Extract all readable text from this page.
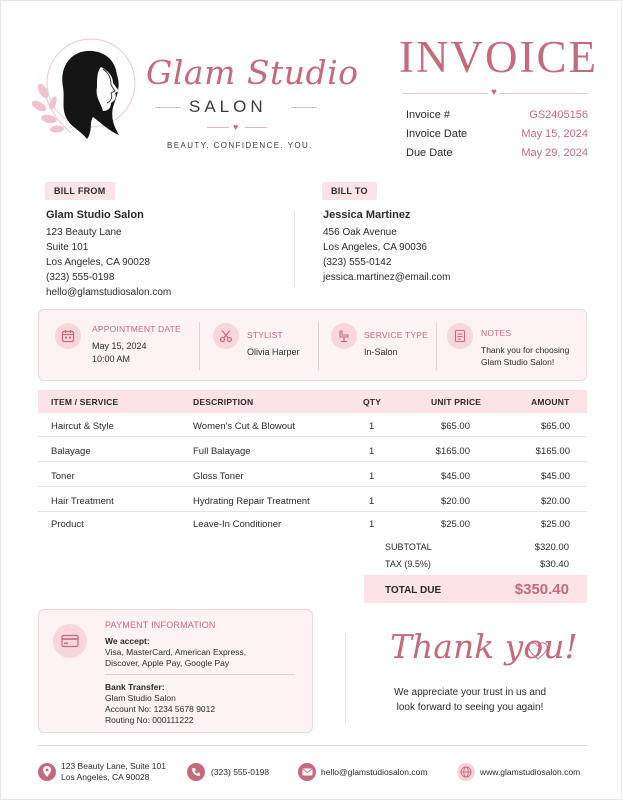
Glam Studio
SALON
♥
BEAUTY. CONFIDENCE. YOU.
INVOICE
♥
Invoice #	GS2405156
Invoice Date	May 15, 2024
Due Date	May 29, 2024
BILL FROM
Glam Studio Salon
123 Beauty Lane
Suite 101
Los Angeles, CA 90028
(323) 555-0198
hello@glamstudiosalon.com
BILL TO
Jessica Martinez
456 Oak Avenue
Los Angeles, CA 90036
(323) 555-0142
jessica.martinez@email.com
APPOINTMENT DATE
May 15, 2024
10:00 AM
STYLIST
Olivia Harper
SERVICE TYPE
In-Salon
NOTES
Thank you for choosing
Glam Studio Salon!
ITEM / SERVICE	DESCRIPTION	QTY	UNIT PRICE	AMOUNT
Haircut & Style	Women's Cut & Blowout	1	$65.00	$65.00
Balayage	Full Balayage	1	$165.00	$165.00
Toner	Gloss Toner	1	$45.00	$45.00
Hair Treatment	Hydrating Repair Treatment	1	$20.00	$20.00
Product	Leave-In Conditioner	1	$25.00	$25.00
SUBTOTAL	$320.00
TAX (9.5%)	$30.40
TOTAL DUE	$350.40
PAYMENT INFORMATION
We accept:
Visa, MasterCard, American Express,
Discover, Apple Pay, Google Pay
Bank Transfer:
Glam Studio Salon
Account No: 1234 5678 9012
Routing No: 000111222
Thank you!
We appreciate your trust in us and look forward to seeing you again!
123 Beauty Lane, Suite 101
Los Angeles, CA 90028	(323) 555-0198	hello@glamstudiosalon.com	www.glamstudiosalon.com
